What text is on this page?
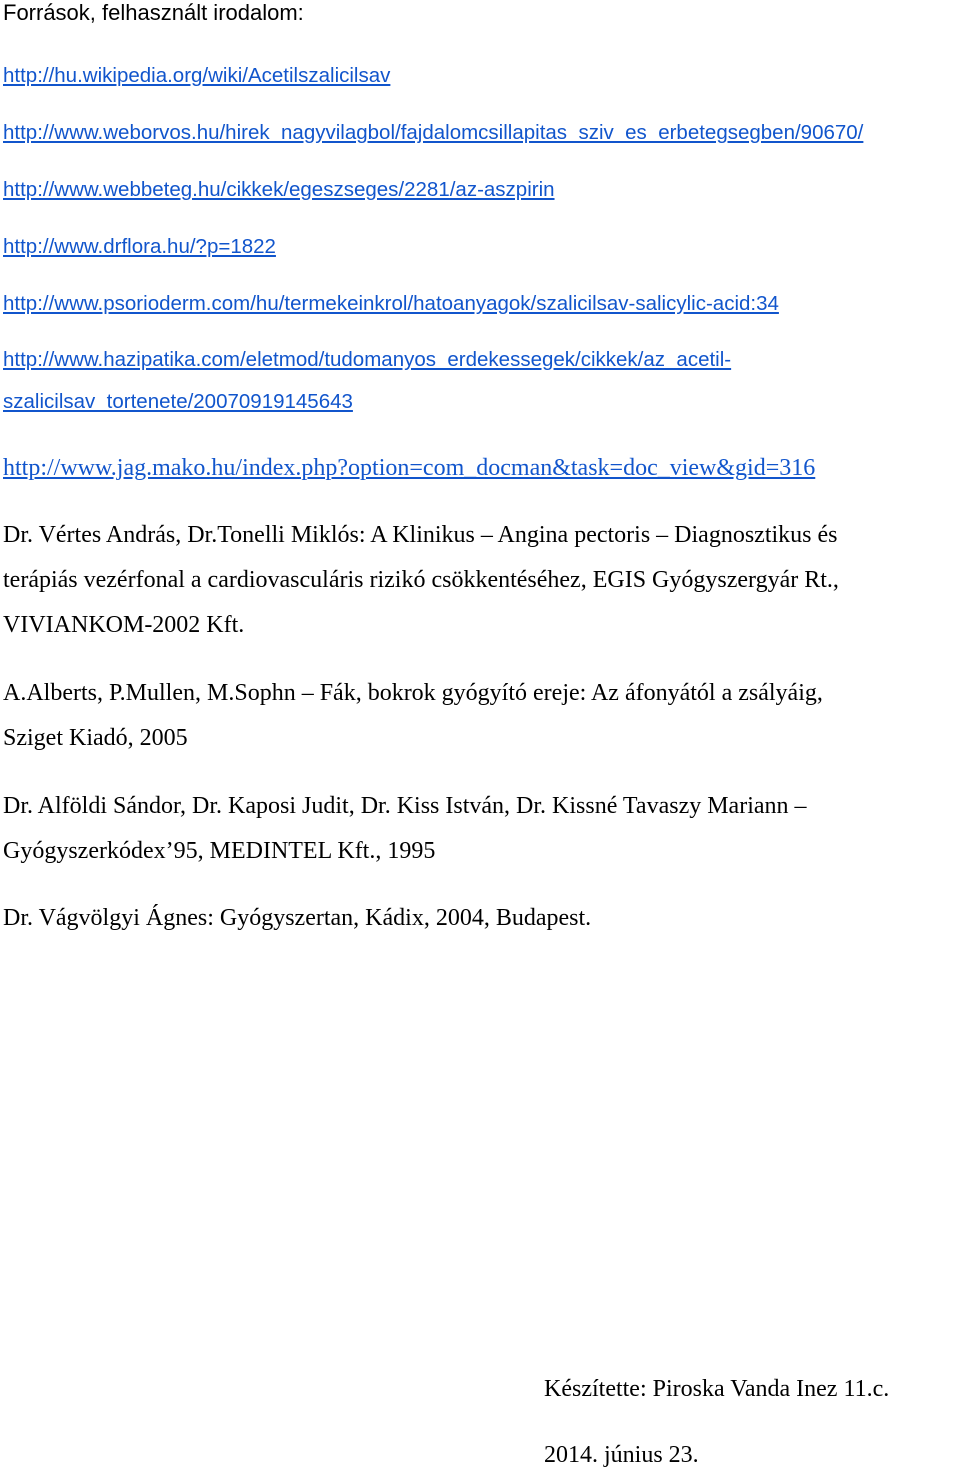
Források, felhasznált irodalom:
http://hu.wikipedia.org/wiki/Acetilszalicilsav
http://www.weborvos.hu/hirek_nagyvilagbol/fajdalomcsillapitas_sziv_es_erbetegsegben/90670/
http://www.webbeteg.hu/cikkek/egeszseges/2281/az-aszpirin
http://www.drflora.hu/?p=1822
http://www.psorioderm.com/hu/termekeinkrol/hatoanyagok/szalicilsav-salicylic-acid:34
http://www.hazipatika.com/eletmod/tudomanyos_erdekessegek/cikkek/az_acetil-
szalicilsav_tortenete/20070919145643
http://www.jag.mako.hu/index.php?option=com_docman&task=doc_view&gid=316
Dr. Vértes András, Dr.Tonelli Miklós: A Klinikus – Angina pectoris – Diagnosztikus és
terápiás vezérfonal a cardiovasculáris rizikó csökkentéséhez, EGIS Gyógyszergyár Rt.,
VIVIANKOM-2002 Kft.
A.Alberts, P.Mullen, M.Sophn – Fák, bokrok gyógyító ereje: Az áfonyától a zsályáig,
Sziget Kiadó, 2005
Dr. Alföldi Sándor, Dr. Kaposi Judit, Dr. Kiss István, Dr. Kissné Tavaszy Mariann –
Gyógyszerkódex’95, MEDINTEL Kft., 1995
Dr. Vágvölgyi Ágnes: Gyógyszertan, Kádix, 2004, Budapest.
Készítette: Piroska Vanda Inez 11.c.
2014. június 23.
